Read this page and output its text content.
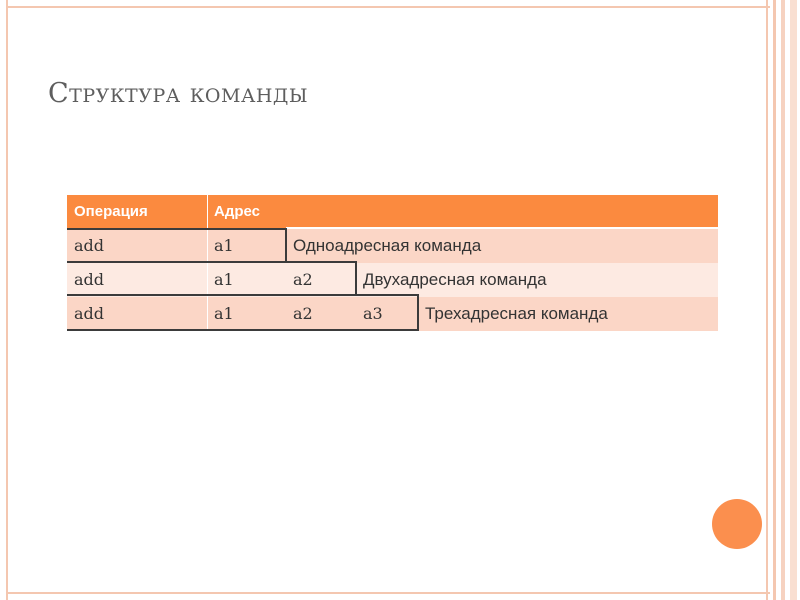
Структура команды
Операция	Адрес
add	a1	Одноадресная команда
add	a1	a2	Двухадресная команда
add	a1	a2	a3	Трехадресная команда
